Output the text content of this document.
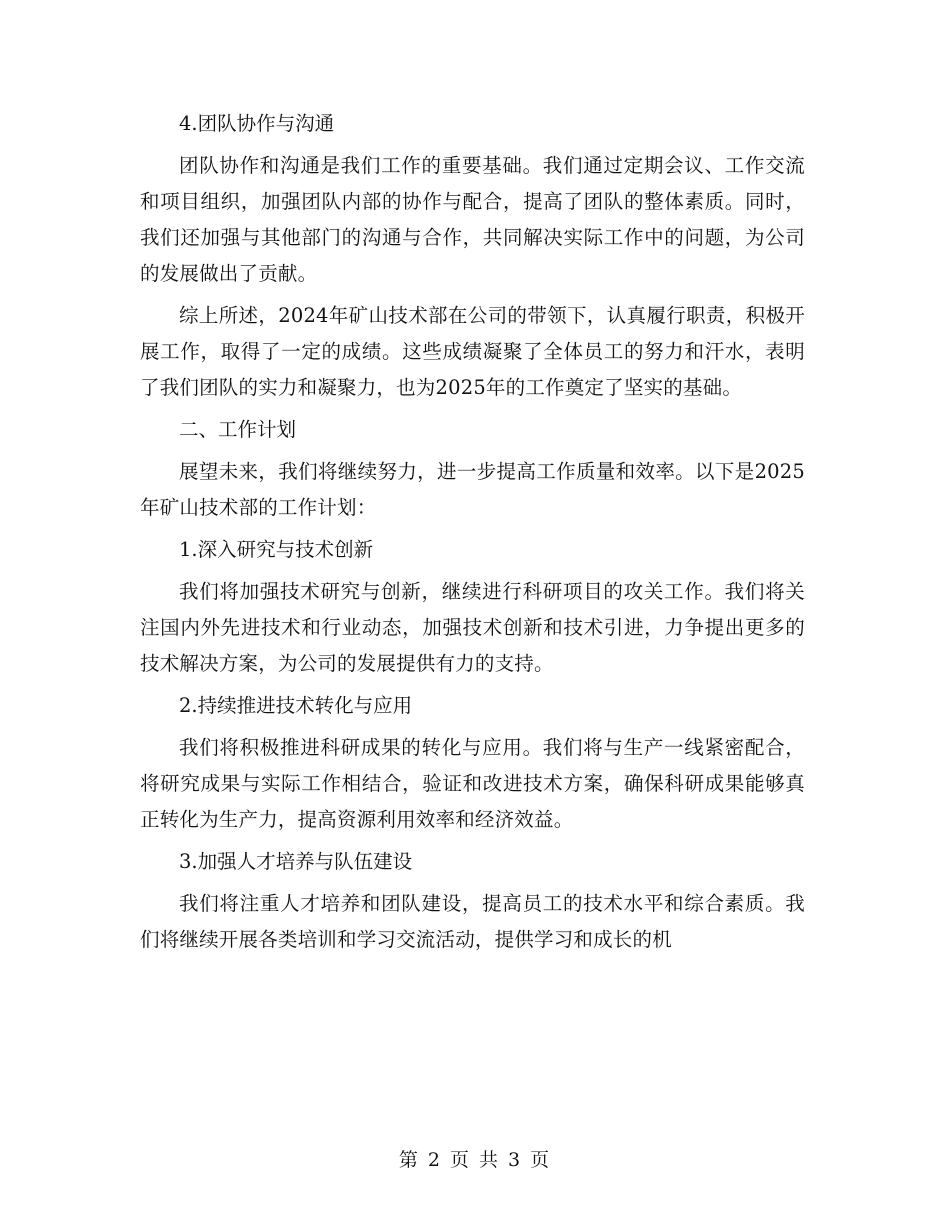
4.团队协作与沟通

团队协作和沟通是我们工作的重要基础。我们通过定期会议、工作交流和项目组织，加强团队内部的协作与配合，提高了团队的整体素质。同时，我们还加强与其他部门的沟通与合作，共同解决实际工作中的问题，为公司的发展做出了贡献。

综上所述，2024年矿山技术部在公司的带领下，认真履行职责，积极开展工作，取得了一定的成绩。这些成绩凝聚了全体员工的努力和汗水，表明了我们团队的实力和凝聚力，也为2025年的工作奠定了坚实的基础。

二、工作计划

展望未来，我们将继续努力，进一步提高工作质量和效率。以下是2025年矿山技术部的工作计划：

1.深入研究与技术创新

我们将加强技术研究与创新，继续进行科研项目的攻关工作。我们将关注国内外先进技术和行业动态，加强技术创新和技术引进，力争提出更多的技术解决方案，为公司的发展提供有力的支持。

2.持续推进技术转化与应用

我们将积极推进科研成果的转化与应用。我们将与生产一线紧密配合，将研究成果与实际工作相结合，验证和改进技术方案，确保科研成果能够真正转化为生产力，提高资源利用效率和经济效益。

3.加强人才培养与队伍建设

我们将注重人才培养和团队建设，提高员工的技术水平和综合素质。我们将继续开展各类培训和学习交流活动，提供学习和成长的机

第 2 页 共 3 页
